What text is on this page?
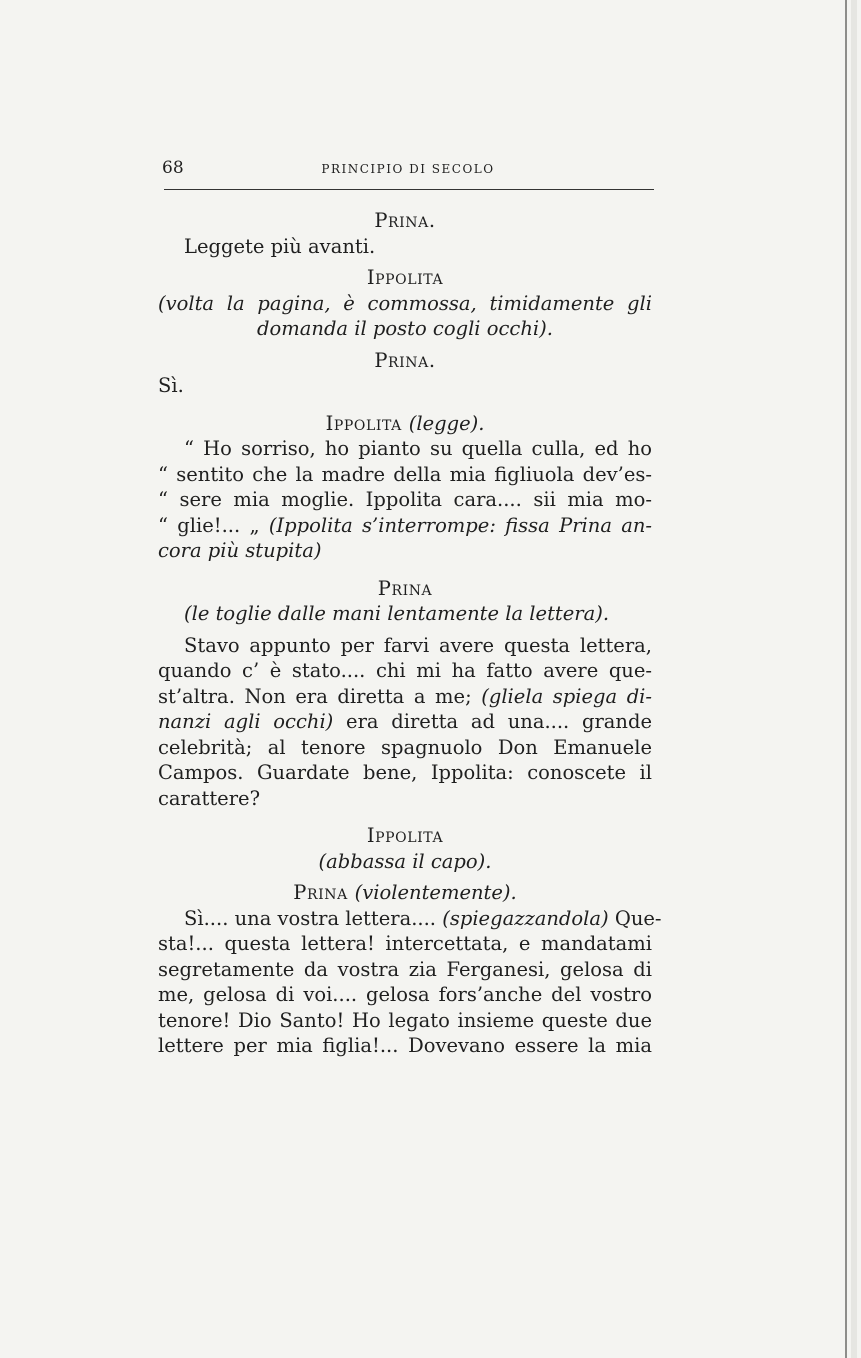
68	PRINCIPIO DI SECOLO
Prina.
Leggete più avanti.
Ippolita
(volta la pagina, è commossa, timidamente gli
domanda il posto cogli occhi).
Prina.
Sì.
Ippolita (legge).
“ Ho sorriso, ho pianto su quella culla, ed ho
“ sentito che la madre della mia figliuola dev’es-
“ sere mia moglie. Ippolita cara.... sii mia mo-
“ glie!... „ (Ippolita s’interrompe: fissa Prina an-
cora più stupita)
Prina
(le toglie dalle mani lentamente la lettera).
Stavo appunto per farvi avere questa lettera,
quando c’ è stato.... chi mi ha fatto avere que-
st’altra. Non era diretta a me; (gliela spiega di-
nanzi agli occhi) era diretta ad una.... grande
celebrità; al tenore spagnuolo Don Emanuele
Campos. Guardate bene, Ippolita: conoscete il
carattere?
Ippolita
(abbassa il capo).
Prina (violentemente).
Sì.... una vostra lettera.... (spiegazzandola) Que-
sta!... questa lettera! intercettata, e mandatami
segretamente da vostra zia Ferganesi, gelosa di
me, gelosa di voi.... gelosa fors’anche del vostro
tenore! Dio Santo! Ho legato insieme queste due
lettere per mia figlia!... Dovevano essere la mia
